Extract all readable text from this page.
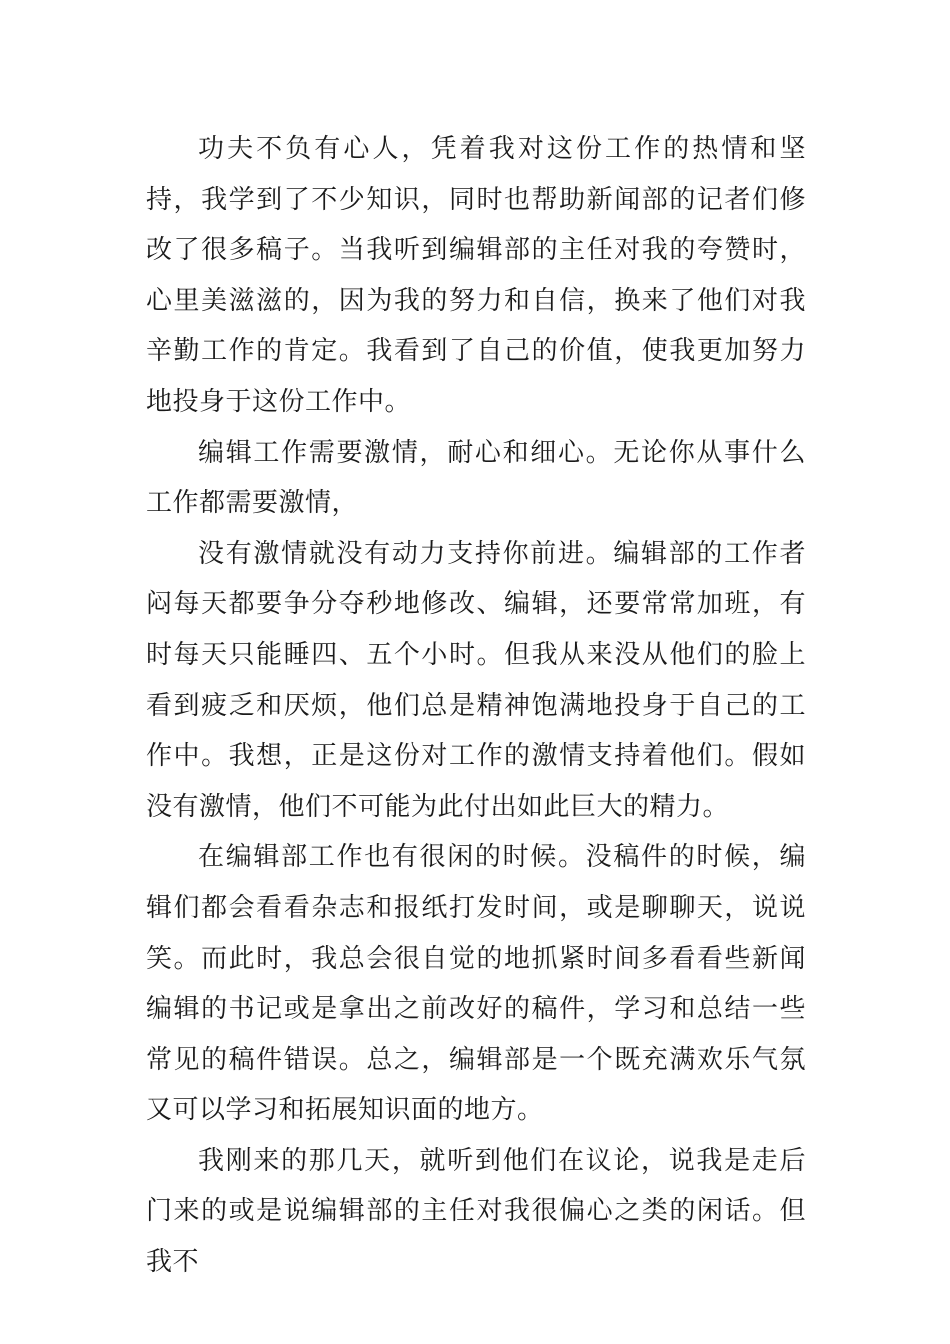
功夫不负有心人，凭着我对这份工作的热情和坚持，我学到了不少知识，同时也帮助新闻部的记者们修改了很多稿子。当我听到编辑部的主任对我的夸赞时，心里美滋滋的，因为我的努力和自信，换来了他们对我辛勤工作的肯定。我看到了自己的价值，使我更加努力地投身于这份工作中。

编辑工作需要激情，耐心和细心。无论你从事什么工作都需要激情，

没有激情就没有动力支持你前进。编辑部的工作者闷每天都要争分夺秒地修改、编辑，还要常常加班，有时每天只能睡四、五个小时。但我从来没从他们的脸上看到疲乏和厌烦，他们总是精神饱满地投身于自己的工作中。我想，正是这份对工作的激情支持着他们。假如没有激情，他们不可能为此付出如此巨大的精力。

在编辑部工作也有很闲的时候。没稿件的时候，编辑们都会看看杂志和报纸打发时间，或是聊聊天，说说笑。而此时，我总会很自觉的地抓紧时间多看看些新闻编辑的书记或是拿出之前改好的稿件，学习和总结一些常见的稿件错误。总之，编辑部是一个既充满欢乐气氛又可以学习和拓展知识面的地方。

我刚来的那几天，就听到他们在议论，说我是走后门来的或是说编辑部的主任对我很偏心之类的闲话。但我不
